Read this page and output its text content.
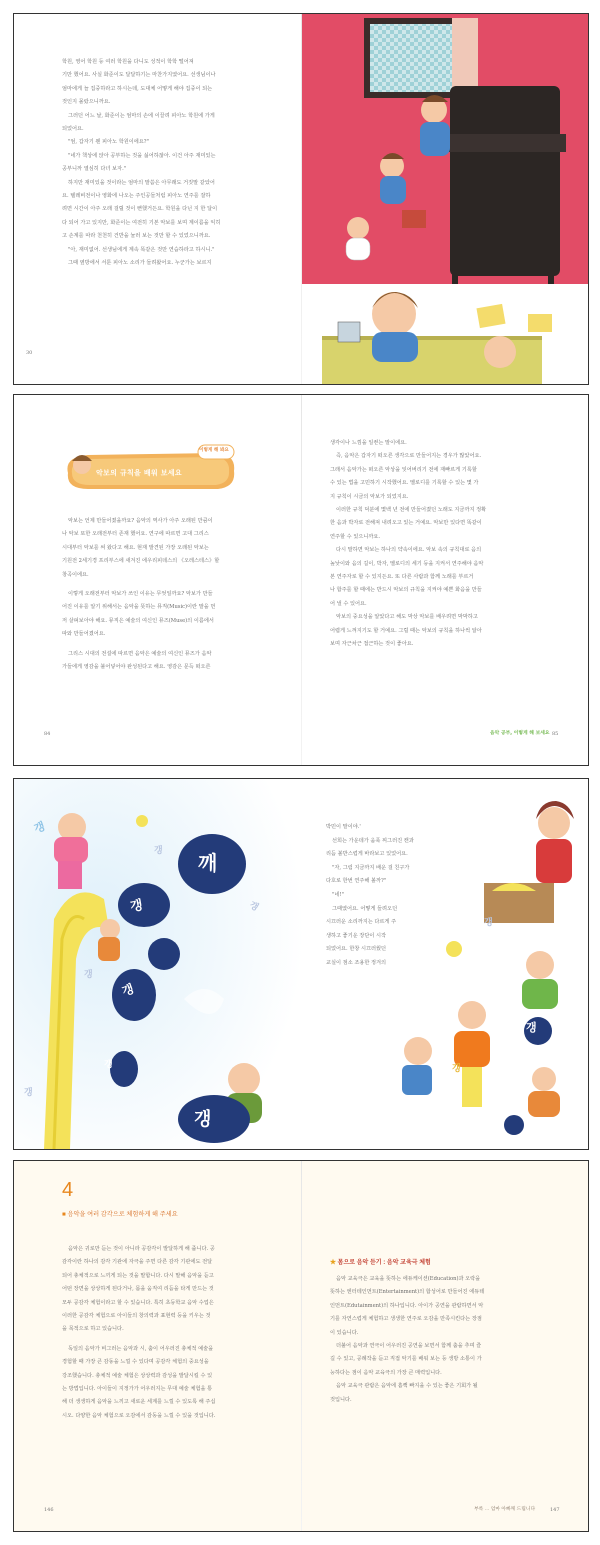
학원, 영어 학원 등 여러 학원을 다니도 성적이 학학 떨어져
기만 했어요. 사실 화준이도 달달하기는 마찬가지였어요. 선생님이나
엄마에게 늘 집중하라고 하시는데, 도대체 어떻게 해야 집중이 되는
것인지 몰랐으니까요.
그러던 어느 날, 화준이는 엄마의 손에 이끌려 피아노 학원에 가게
되었어요.
"엄, 갑자기 웬 피아노 학원이에요?"
"네가 책상에 앉아 공부하는 것을 싫어하잖아. 이건 아주 재미있는
공부니까 열심히 다녀 보자."
하지만 재미있을 것이라는 엄마의 말씀은 아무래도 거짓말 같았어
요. 텔레비전이나 영화에 나오는 주인공들처럼 피아노 연주를 잘하
려면 시간이 아주 오래 걸릴 것이 뻔했거든요. 학원을 다닌 지 한 달이
다 되어 가고 있지만, 화준이는 여전히 기본 악보를 보며 계이름을 익히
고 손계를 따라 천천히 건반을 눌러 보는 것만 할 수 있었으니까요.
"아, 재미없어. 선생님에게 계속 똑같은 것만 연습하라고 하시니."
그때 옆방에서 서툰 피아노 소리가 들려왔어요. 누군가는 보르지
30
이렇게 해 봐요
악보의 규칙을 배워 보세요
악보는 언제 만들어졌을까요? 음악의 역사가 아주 오래된 만큼이
나 악보 또한 오래전부터 존재 했어요. 연구에 따르면 고대 그리스
시대부터 악보를 써 왔다고 해요. 현재 발견된 가장 오래된 악보는
기원전 2세기경 프리부스에 새겨진 에우리피데스의 《오레스테스》할
창곡이에요.
이렇게 오래전부터 악보가 쓰인 이유는 무엇일까요? 악보가 만들
어진 이유를 알기 위해서는 음악을 뜻하는 뮤직(Music)이란 말을 먼
저 살펴보아야 해요. 뮤직은 예술의 여신인 뮤즈(Muse)의 이름에서
따와 만들어졌어요.
그리스 시대의 전설에 따르면 음악은 예술의 여신인 뮤즈가 음악
가들에게 영감을 불어넣어야 완성된다고 해요. 영감은 문득 떠오른
생각이나 느낌을 일컫는 말이에요.
즉, 음악은 갑자기 떠오른 생각으로 만들어지는 경우가 많았어요.
그래서 음악가는 떠오른 악상을 잊어버리기 전에 재빠르게 기록할
수 있는 법을 고민하기 시작했어요. 멜로디를 기록할 수 있는 몇 가
지 규칙이 시금의 악보가 되었지요.
이러한 규칙 덕분에 몇백 년 전에 만들어졌던 노래도 지금까지 정확
한 음과 박자로 전해져 내려오고 있는 거예요. 악보만 있다면 똑같이
연주할 수 있으니까요.
다시 말하면 악보는 하나의 약속이에요. 악보 속의 규칙대로 음의
높낮이와 음의 길이, 박자, 멜로디의 세기 등을 지켜서 연주해야 음악
본 연주자로 할 수 있지든요. 또 다른 사람과 함께 노래를 부르거
나 합주를 할 때에는 반드시 악보의 규칙을 지켜야 예쁜 화음을 만들
어 낼 수 있어요.
악보의 중요성을 알았다고 해도 막상 악보를 배우려면 막막하고
어렵게 느껴지기도 할 거예요. 그럴 때는 악보의 규칙을 하나씩 알아
보며 자근차근 접근하는 것이 좋아요.
84	음악 공부, 이렇게 해 보세요 85
깨
갱
갱
갱
갱
갱
갱
갱
갱
갱
갱
갱
갱
박민이 말이야.'
선희는 가운데가 움푹 찌그러진 캔과
리듬 볼반스럽게 바라보고 있었어요.
"자, 그럼 지금까지 배운 걸 친구가
다호로 한번 연주해 볼까?"
"네!"
그때였어요. 어떻게 들려오던
시끄러운 소리까지는 다르게 주
생하고 좋기운 장단이 시작
되었어요. 한창 시끄러웠던
교실이 점소 조용한 정겨의
4
■ 음악을 여러 감각으로 체험하게 해 주세요
음악은 귀로만 듣는 것이 아니라 공감각이 발달하게 해 줍니다. 공
감각이란 하나의 감각 기관에 자극을 주면 다른 감각 기관에도 전달
되어 총체적으로 느끼게 되는 것을 말합니다. 다시 말해 음악을 듣고
어떤 장면을 상상하게 된다거나, 몸을 움직여 리듬을 타게 만드는 것
모두 공감각 체험이라고 할 수 있습니다. 특히 초등학교 음악 수업은
이러한 공감각 체험으로 아이들의 창의력과 표현력 등을 키우는 것
을 목적으로 하고 있습니다.
독일의 음악가 비그러는 음악과 시, 춤이 어우러진 총체적 예술을
경험할 때 가장 큰 감동을 느낄 수 있다며 공감각 체험의 중요성을
강조했습니다. 총체적 예술 체험은 상상력과 감성을 발달시킬 수 있
는 방법입니다. 아이들이 지정가가 어우러지는 무대 예술 체험을 통
해 더 생생하게 음악을 느끼고 새로운 세계를 느낄 수 있도록 해 주십
시오. 다양한 음악 체험으로 오감에서 감동을 느낄 수 있을 것입니다.
★ 몸으로 음악 듣기 : 음악 교육극 체험
음악 교육극은 교육을 뜻하는 에듀케이션(Education)과 오락을
뜻하는 엔터테인먼트(Entertainment)의 합성어로 만들어진 에듀테
인먼트(Edutainment)의 하나입니다. 아이가 공연을 관람하면서 악
기를 자연스럽게 체험하고 생생한 연주로 오감을 만족시킨다는 장점
이 있습니다.
더불어 음악과 연극이 어우러진 공연을 보면서 함께 춤을 추며 즐
길 수 있고, 공례작을 듣고 직접 악기를 배워 보는 등 생방 소통이 가
능하다는 점이 음악 교육극의 가장 큰 매력입니다.
음악 교육극 관람은 음악에 흠뻑 빠지을 수 있는 좋은 기회가 될
것입니다.
146	부록 … 엄마 아빠께 드립니다	147
